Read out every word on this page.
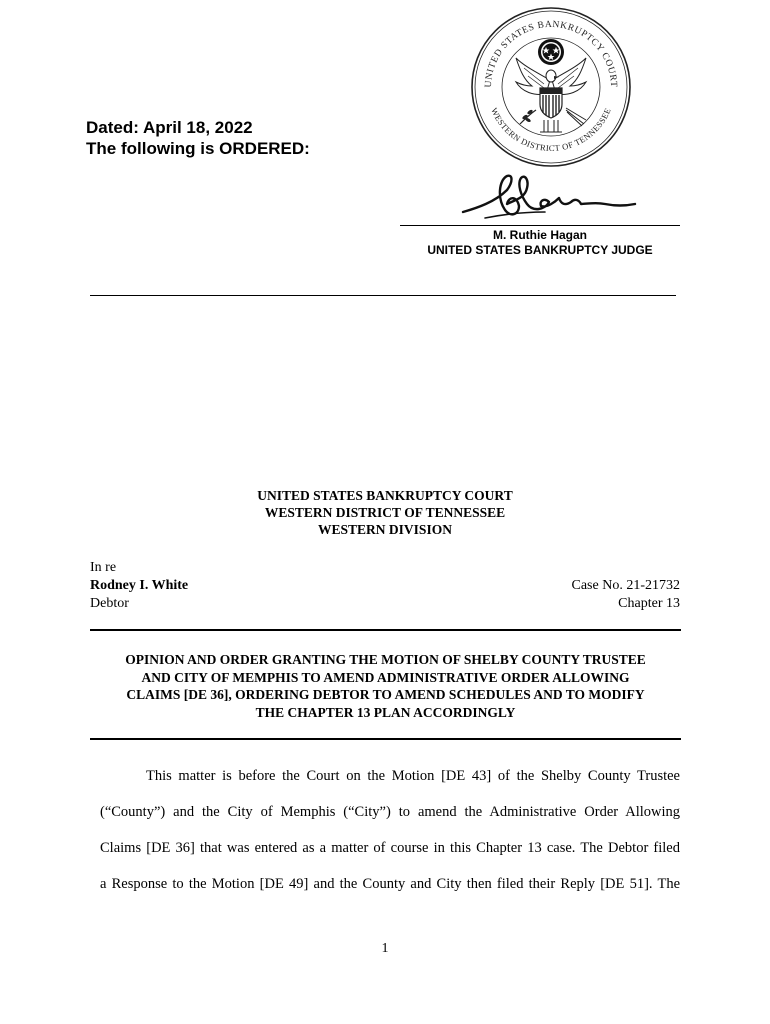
Dated: April 18, 2022
The following is ORDERED:
UNITED STATES BANKRUPTCY COURT
WESTERN DISTRICT OF TENNESSEE
M. Ruthie Hagan
UNITED STATES BANKRUPTCY JUDGE
UNITED STATES BANKRUPTCY COURT
WESTERN DISTRICT OF TENNESSEE
WESTERN DIVISION
In re
Rodney I. White	Case No. 21-21732
Debtor	Chapter 13
OPINION AND ORDER GRANTING THE MOTION OF SHELBY COUNTY TRUSTEE
AND CITY OF MEMPHIS TO AMEND ADMINISTRATIVE ORDER ALLOWING
CLAIMS [DE 36], ORDERING DEBTOR TO AMEND SCHEDULES AND TO MODIFY
THE CHAPTER 13 PLAN ACCORDINGLY
This matter is before the Court on the Motion [DE 43] of the Shelby County Trustee
(“County”) and the City of Memphis (“City”) to amend the Administrative Order Allowing
Claims [DE 36] that was entered as a matter of course in this Chapter 13 case. The Debtor filed
a Response to the Motion [DE 49] and the County and City then filed their Reply [DE 51]. The
1
